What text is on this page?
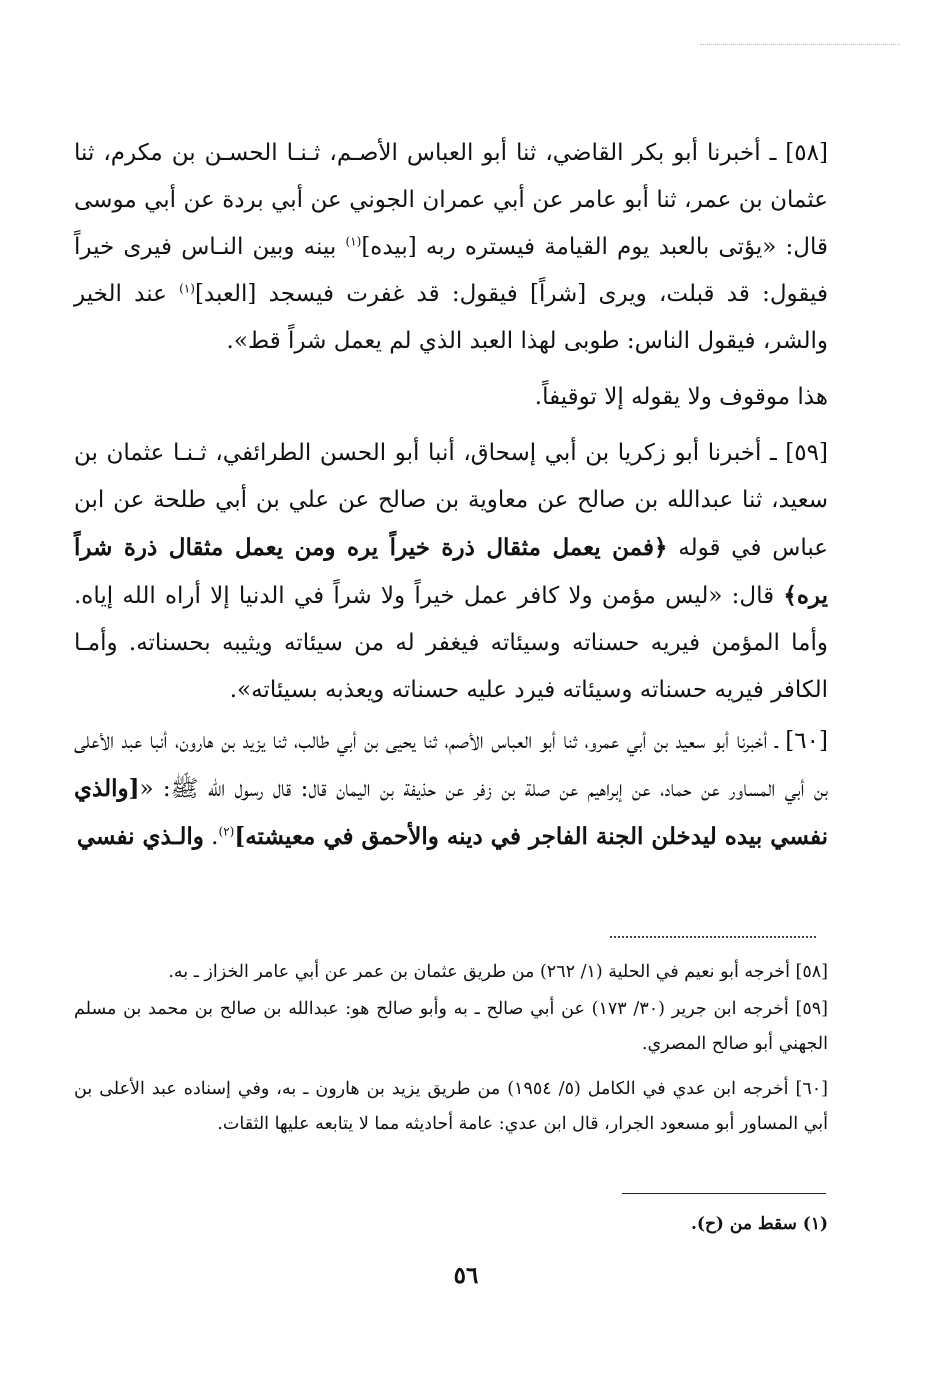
[٥٨] ـ أخبرنا أبو بكر القاضي، ثنا أبو العباس الأصـم، ثـنـا الحسـن بن مكرم، ثنا عثمان بن عمر، ثنا أبو عامر عن أبي عمران الجوني عن أبي بردة عن أبي موسى قال: «يؤتى بالعبد يوم القيامة فيستره ربه [بيده]$^{(١)}$ بينه وبين النـاس فيرى خيراً فيقول: قد قبلت، ويرى [شراً] فيقول: قد غفرت فيسجد [العبد]$^{(١)}$ عند الخير والشر، فيقول الناس: طوبى لهذا العبد الذي لم يعمل شراً قط».

هذا موقوف ولا يقوله إلا توقيفاً.

[٥٩] ـ أخبرنا أبو زكريا بن أبي إسحاق، أنبا أبو الحسن الطرائفي، ثـنـا عثمان بن سعيد، ثنا عبدالله بن صالح عن معاوية بن صالح عن علي بن أبي طلحة عن ابن عباس في قوله ﴿فمن يعمل مثقال ذرة خيراً يره ومن يعمل مثقال ذرة شراً يره﴾ قال: «ليس مؤمن ولا كافر عمل خيراً ولا شراً في الدنيا إلا أراه الله إياه. وأما المؤمن فيريه حسناته وسيئاته فيغفر له من سيئاته ويثيبه بحسناته. وأمـا الكافر فيريه حسناته وسيئاته فيرد عليه حسناته ويعذبه بسيئاته».

[٦٠] ـ أخبرنا أبو سعيد بن أبي عمرو، ثنا أبو العباس الأصم، ثنا يحيى بن أبي طالب، ثنا يزيد بن هارون، أنبا عبد الأعلى بن أبي المساور عن حماد، عن إبراهيم عن صلة بن زفر عن حذيفة بن اليمان قال: قال رسول الله ﷺ: «[والذي نفسي بيده ليدخلن الجنة الفاجر في دينه والأحمق في معيشته]$^{(٢)}$. والـذي نفسي

[٥٨] أخرجه أبو نعيم في الحلية (١/ ٢٦٢) من طريق عثمان بن عمر عن أبي عامر الخزاز ـ به.

[٥٩] أخرجه ابن جرير (٣٠/ ١٧٣) عن أبي صالح ـ به وأبو صالح هو: عبدالله بن صالح بن محمد بن مسلم الجهني أبو صالح المصري.

[٦٠] أخرجه ابن عدي في الكامل (٥/ ١٩٥٤) من طريق يزيد بن هارون ـ به، وفي إسناده عبد الأعلى بن أبي المساور أبو مسعود الجرار، قال ابن عدي: عامة أحاديثه مما لا يتابعه عليها الثقات.

(١) سقط من (ح).

٥٦
